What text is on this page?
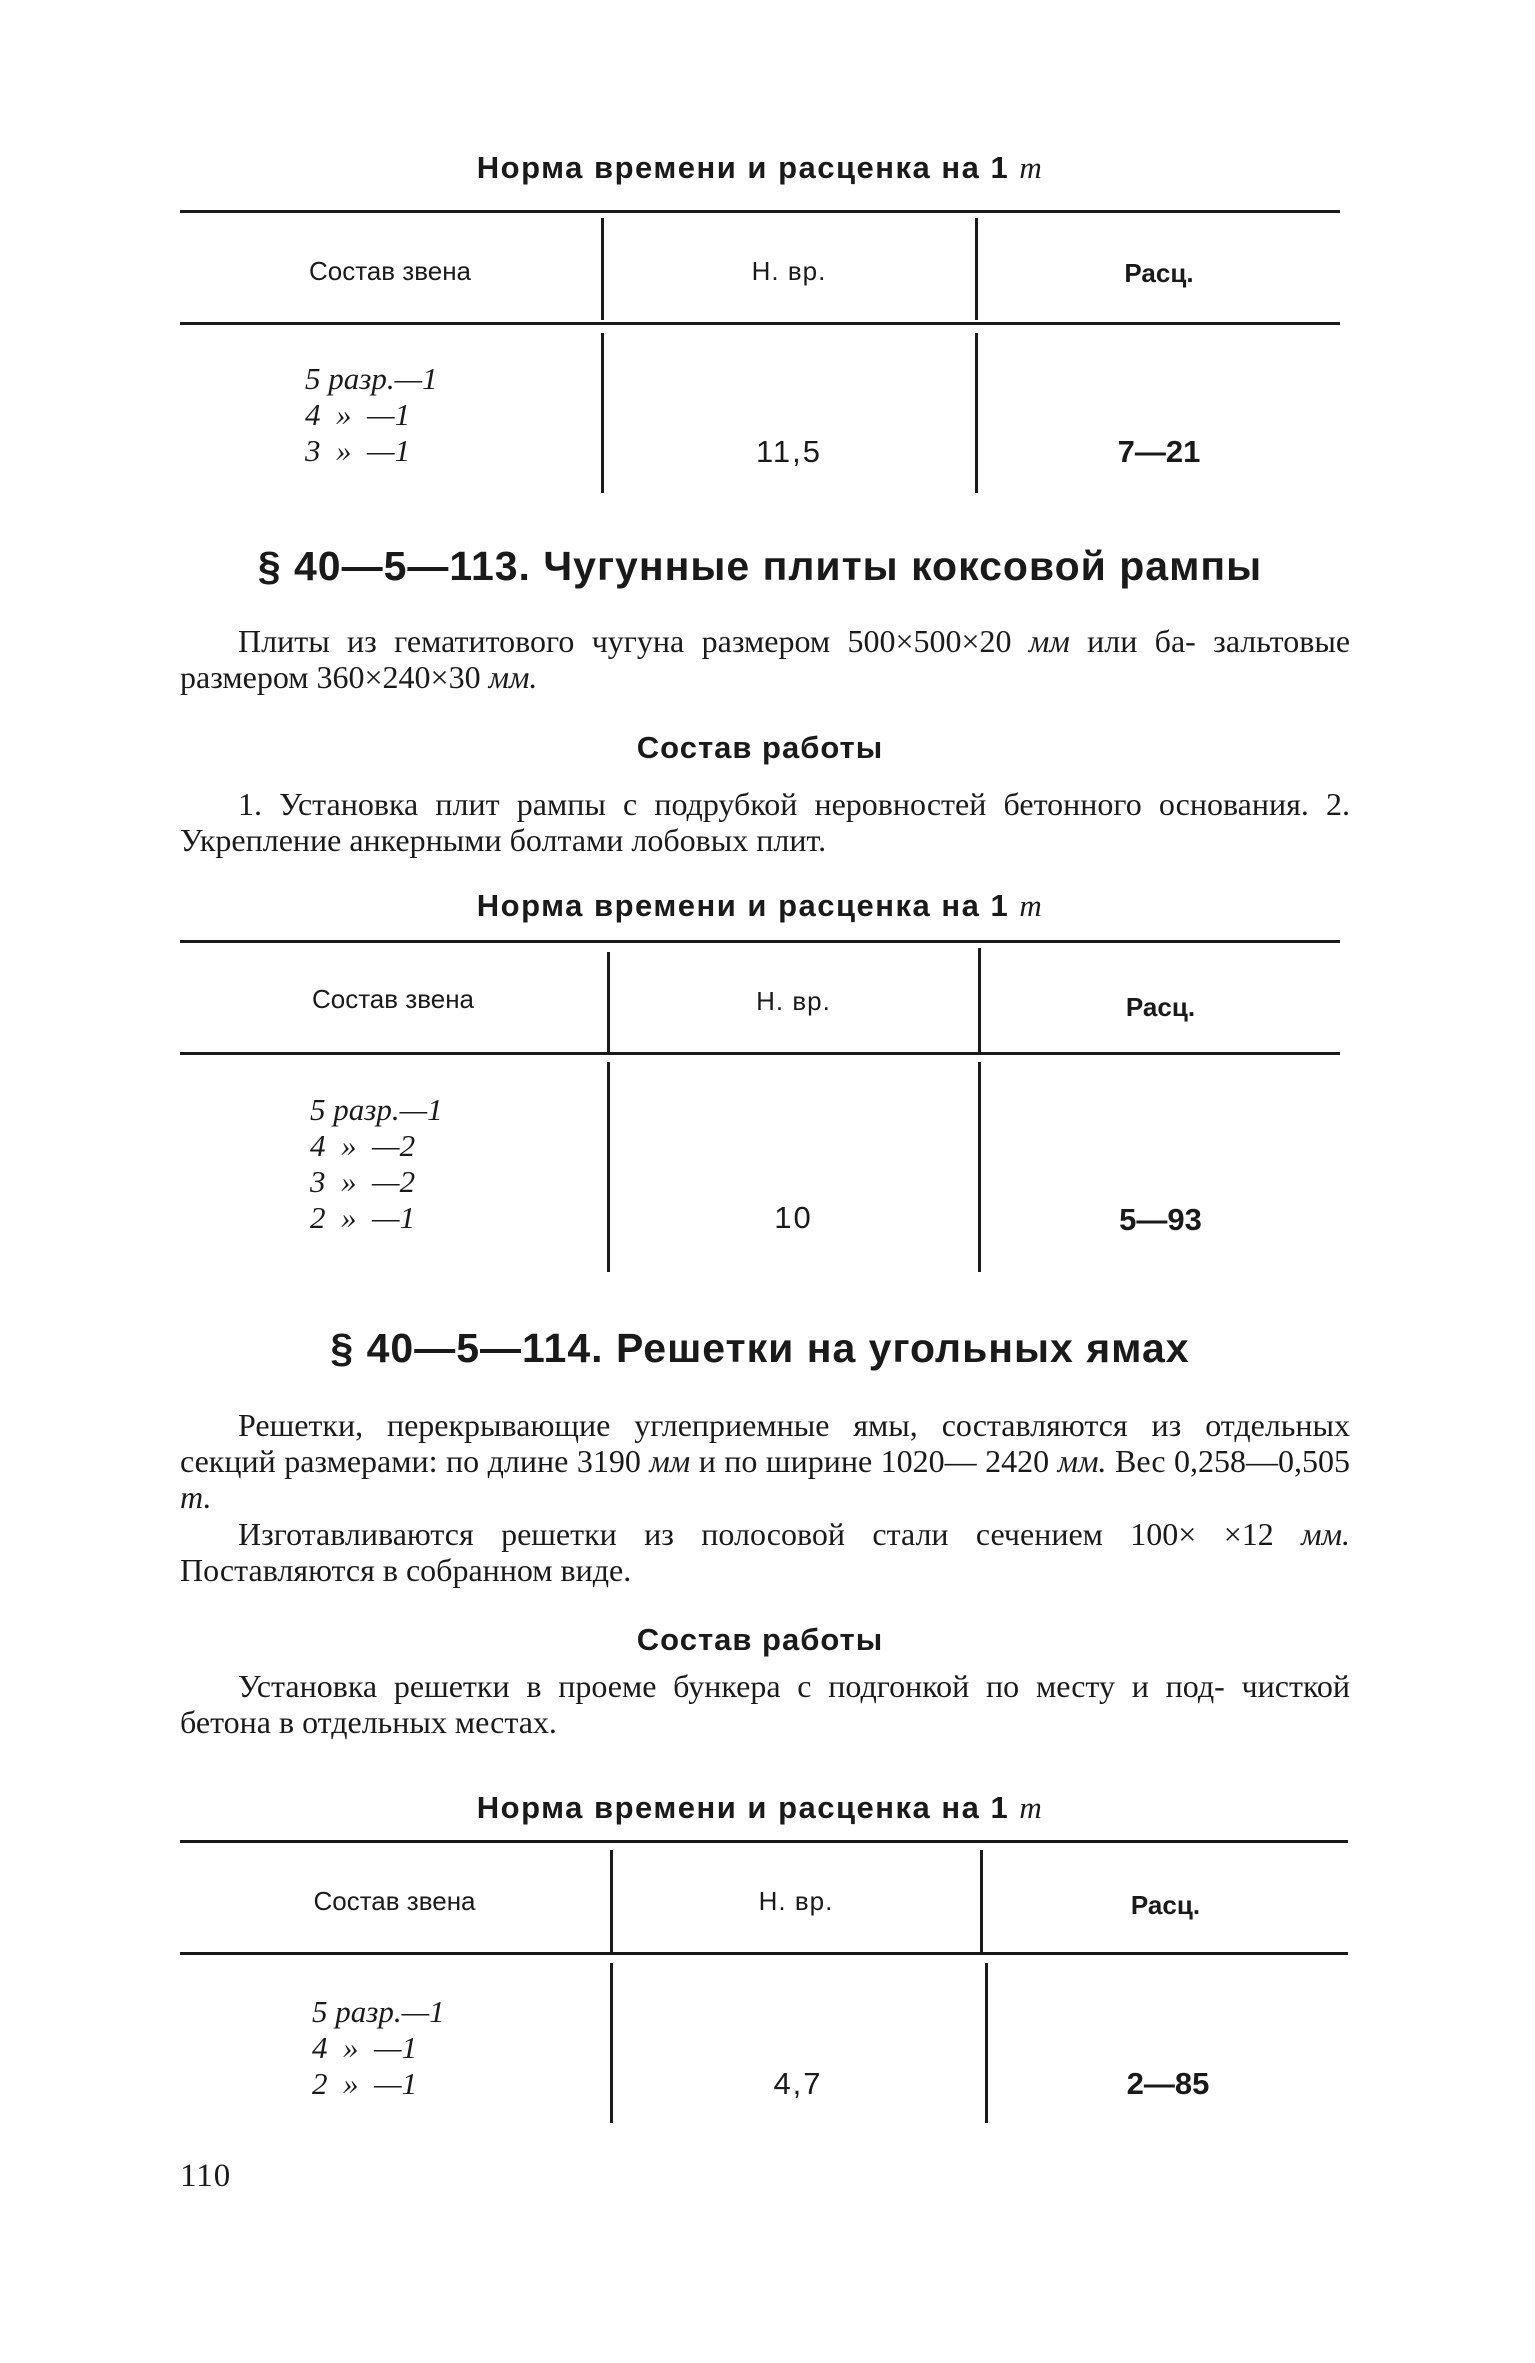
Норма времени и расценка на 1 т
Состав звена	Н. вр.	Расц.
5 разр.—1
4  »  —1
3  »  —1	11,5	7—21
§ 40—5—113. Чугунные плиты коксовой рампы
Плиты из гематитового чугуна размером 500×500×20 мм или ба- зальтовые размером 360×240×30 мм.
Состав работы
1. Установка плит рампы с подрубкой неровностей бетонного основания. 2. Укрепление анкерными болтами лобовых плит.
Норма времени и расценка на 1 т
Состав звена	Н. вр.	Расц.
5 разр.—1
4  »  —2
3  »  —2
2  »  —1	10	5—93
§ 40—5—114. Решетки на угольных ямах
Решетки, перекрывающие углеприемные ямы, составляются из отдельных секций размерами: по длине 3190 мм и по ширине 1020— 2420 мм. Вес 0,258—0,505 т.
Изготавливаются решетки из полосовой стали сечением 100× ×12 мм. Поставляются в собранном виде.
Состав работы
Установка решетки в проеме бункера с подгонкой по месту и под- чисткой бетона в отдельных местах.
Норма времени и расценка на 1 т
Состав звена	Н. вр.	Расц.
5 разр.—1
4  »  —1
2  »  —1	4,7	2—85
110
